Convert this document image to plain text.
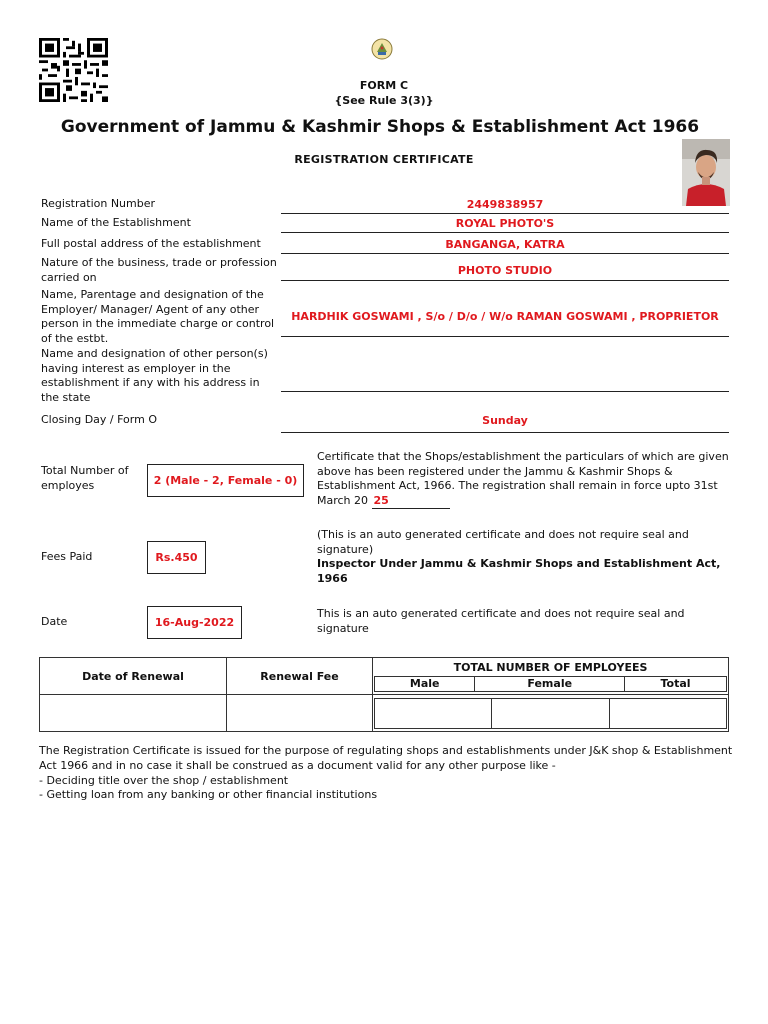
FORM C
{See Rule 3(3)}
Government of Jammu & Kashmir Shops & Establishment Act 1966
REGISTRATION CERTIFICATE
Registration Number	2449838957
Name of the Establishment	ROYAL PHOTO'S
Full postal address of the establishment	BANGANGA, KATRA
Nature of the business, trade or profession carried on
PHOTO STUDIO
Name, Parentage and designation of the Employer/ Manager/ Agent of any other person in the immediate charge or control of the estbt.
HARDHIK GOSWAMI , S/o / D/o / W/o RAMAN GOSWAMI , PROPRIETOR
Name and designation of other person(s) having interest as employer in the establishment if any with his address in the state
Closing Day / Form O	Sunday
Total Number of employes	2 (Male - 2, Female - 0)
Fees Paid	Rs.450
Date	16-Aug-2022
Certificate that the Shops/establishment the particulars of which are given above has been registered under the Jammu & Kashmir Shops & Establishment Act, 1966. The registration shall remain in force upto 31st March 20 25
(This is an auto generated certificate and does not require seal and signature)
Inspector Under Jammu & Kashmir Shops and Establishment Act, 1966
This is an auto generated certificate and does not require seal and signature
Date of Renewal	Renewal Fee	
TOTAL NUMBER OF EMPLOYEES
Male	Female	Total

The Registration Certificate is issued for the purpose of regulating shops and establishments under J&K shop & Establishment Act 1966 and in no case it shall be construed as a document valid for any other purpose like -
- Deciding title over the shop / establishment
- Getting loan from any banking or other financial institutions
